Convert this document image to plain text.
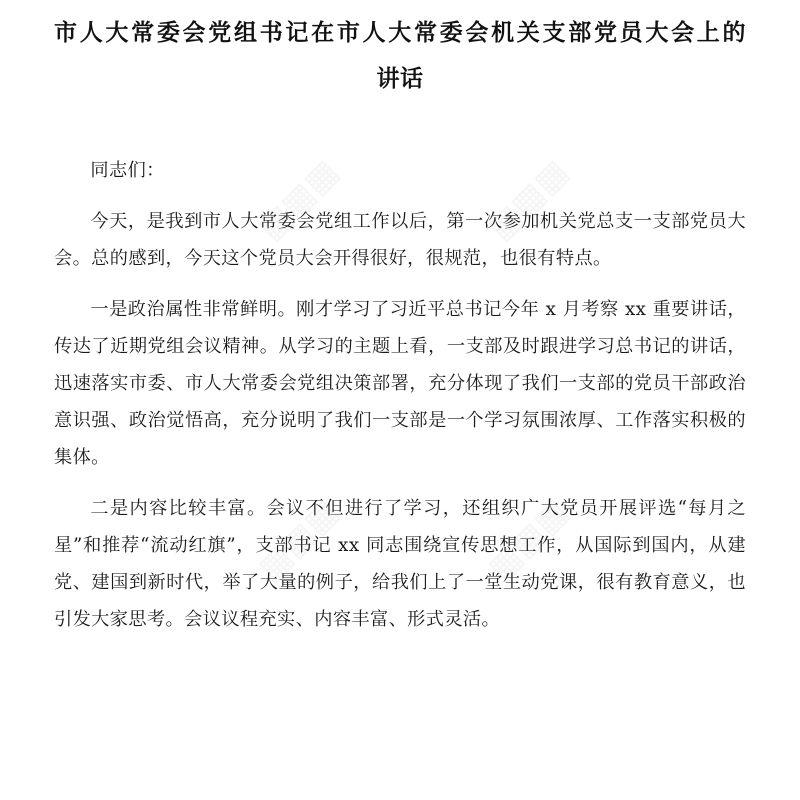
▦▦▦	▦▦▦
▦▦▦	▦▦▦
市人大常委会党组书记在市人大常委会机关支部党员大会上的
讲话

同志们：

今天，是我到市人大常委会党组工作以后，第一次参加机关党总支一支部党员大会。总的感到，今天这个党员大会开得很好，很规范，也很有特点。

一是政治属性非常鲜明。刚才学习了习近平总书记今年 x 月考察 xx 重要讲话，传达了近期党组会议精神。从学习的主题上看，一支部及时跟进学习总书记的讲话，迅速落实市委、市人大常委会党组决策部署，充分体现了我们一支部的党员干部政治意识强、政治觉悟高，充分说明了我们一支部是一个学习氛围浓厚、工作落实积极的集体。

二是内容比较丰富。会议不但进行了学习，还组织广大党员开展评选“每月之星”和推荐“流动红旗”，支部书记 xx 同志围绕宣传思想工作，从国际到国内，从建党、建国到新时代，举了大量的例子，给我们上了一堂生动党课，很有教育意义，也引发大家思考。会议议程充实、内容丰富、形式灵活。
